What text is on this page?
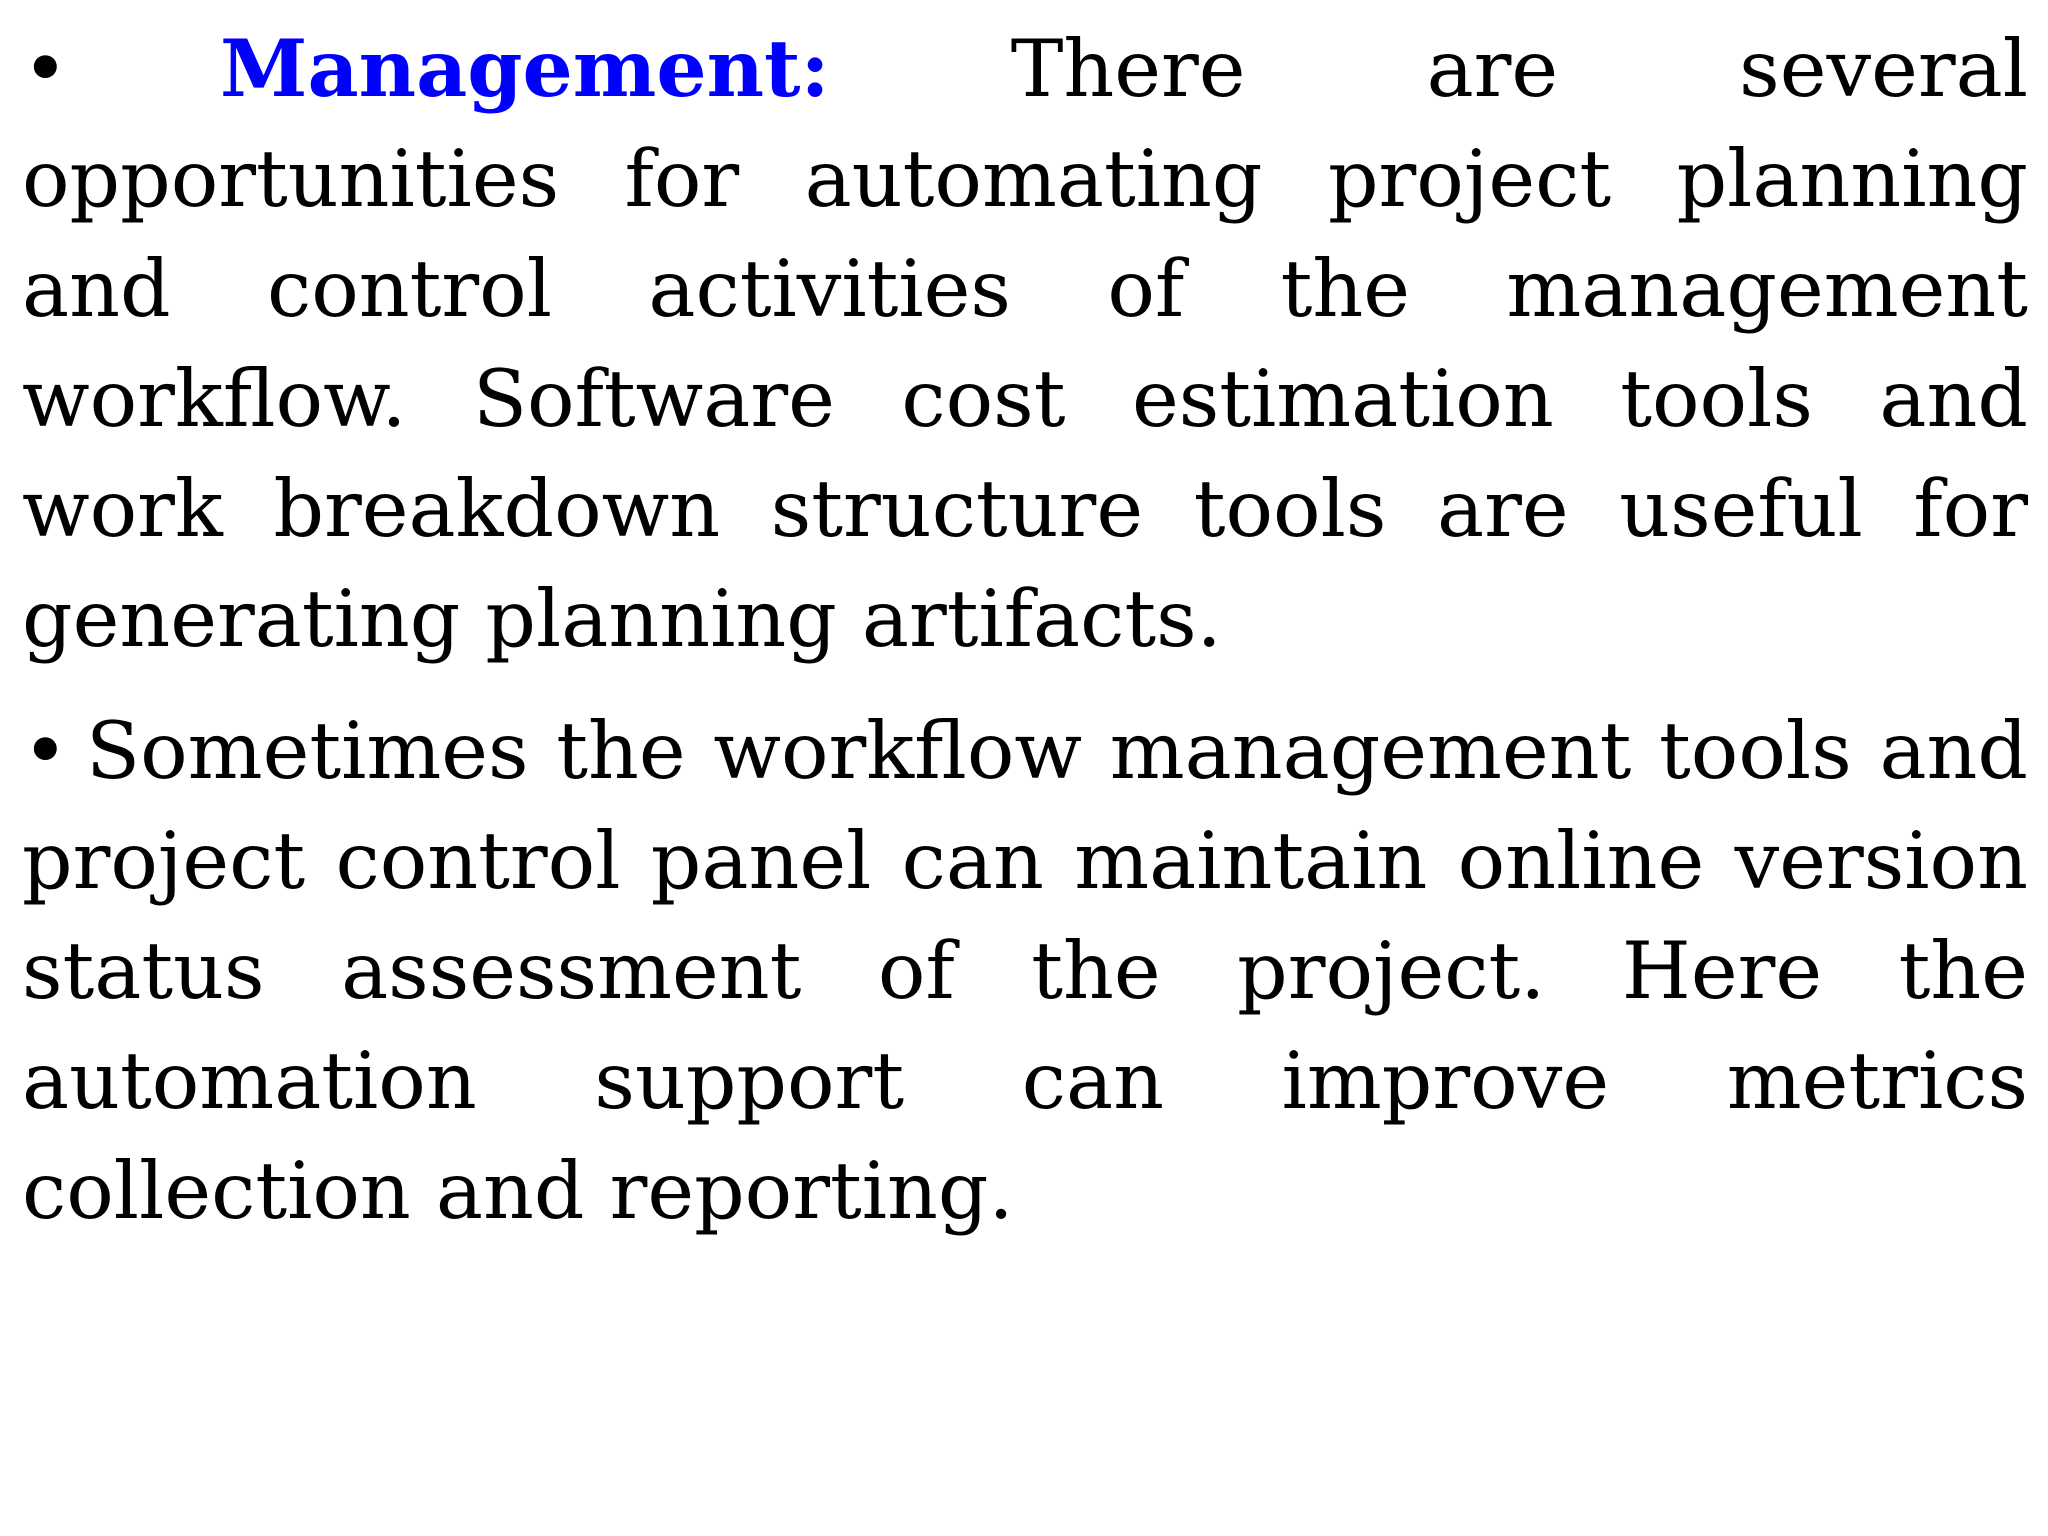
• Management: There are several opportunities for automating project planning and control activities of the management workflow. Software cost estimation tools and work breakdown structure tools are useful for generating planning artifacts.

• Sometimes the workflow management tools and project control panel can maintain online version status assessment of the project. Here the automation support can improve metrics collection and reporting.
